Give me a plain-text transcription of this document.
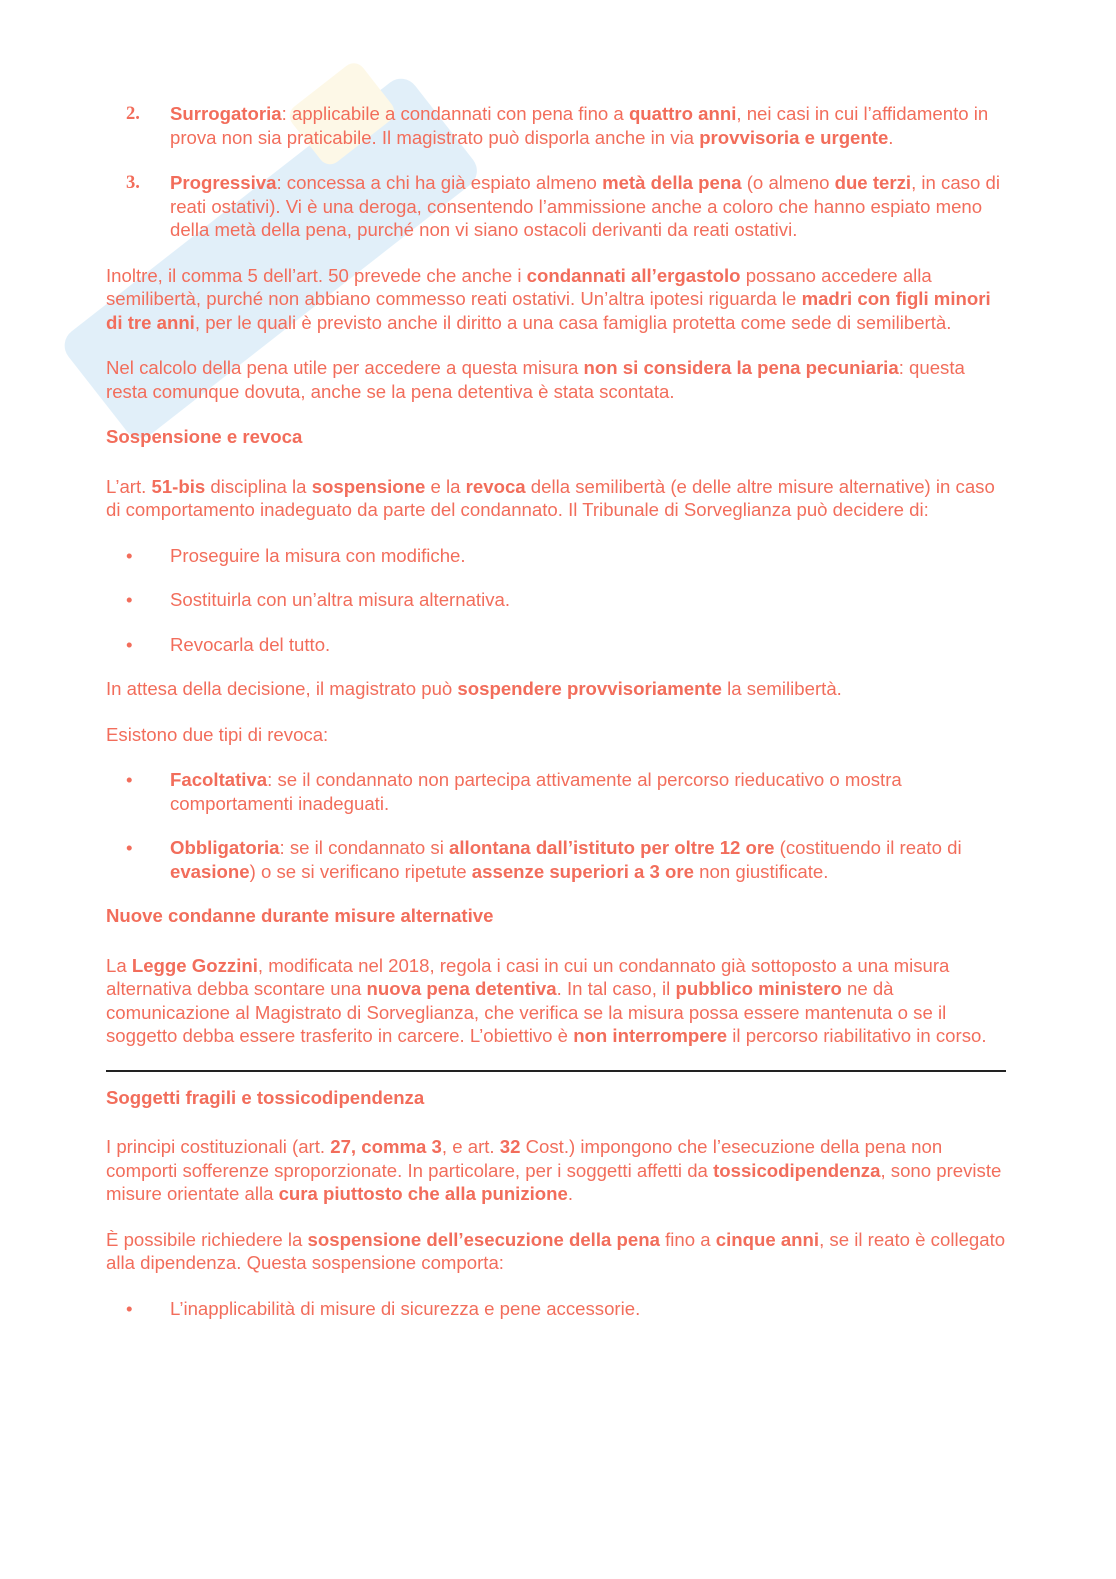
2. Surrogatoria: applicabile a condannati con pena fino a quattro anni, nei casi in cui l’affidamento in prova non sia praticabile. Il magistrato può disporla anche in via provvisoria e urgente.
3. Progressiva: concessa a chi ha già espiato almeno metà della pena (o almeno due terzi, in caso di reati ostativi). Vi è una deroga, consentendo l’ammissione anche a coloro che hanno espiato meno della metà della pena, purché non vi siano ostacoli derivanti da reati ostativi.

Inoltre, il comma 5 dell’art. 50 prevede che anche i condannati all’ergastolo possano accedere alla semilibertà, purché non abbiano commesso reati ostativi. Un’altra ipotesi riguarda le madri con figli minori di tre anni, per le quali è previsto anche il diritto a una casa famiglia protetta come sede di semilibertà.

Nel calcolo della pena utile per accedere a questa misura non si considera la pena pecuniaria: questa resta comunque dovuta, anche se la pena detentiva è stata scontata.

Sospensione e revoca

L’art. 51-bis disciplina la sospensione e la revoca della semilibertà (e delle altre misure alternative) in caso di comportamento inadeguato da parte del condannato. Il Tribunale di Sorveglianza può decidere di:

• Proseguire la misura con modifiche.
• Sostituirla con un’altra misura alternativa.
• Revocarla del tutto.

In attesa della decisione, il magistrato può sospendere provvisoriamente la semilibertà.

Esistono due tipi di revoca:

• Facoltativa: se il condannato non partecipa attivamente al percorso rieducativo o mostra comportamenti inadeguati.
• Obbligatoria: se il condannato si allontana dall’istituto per oltre 12 ore (costituendo il reato di evasione) o se si verificano ripetute assenze superiori a 3 ore non giustificate.
Nuove condanne durante misure alternative

La Legge Gozzini, modificata nel 2018, regola i casi in cui un condannato già sottoposto a una misura alternativa debba scontare una nuova pena detentiva. In tal caso, il pubblico ministero ne dà comunicazione al Magistrato di Sorveglianza, che verifica se la misura possa essere mantenuta o se il soggetto debba essere trasferito in carcere. L’obiettivo è non interrompere il percorso riabilitativo in corso.

Soggetti fragili e tossicodipendenza

I principi costituzionali (art. 27, comma 3, e art. 32 Cost.) impongono che l’esecuzione della pena non comporti sofferenze sproporzionate. In particolare, per i soggetti affetti da tossicodipendenza, sono previste misure orientate alla cura piuttosto che alla punizione.

È possibile richiedere la sospensione dell’esecuzione della pena fino a cinque anni, se il reato è collegato alla dipendenza. Questa sospensione comporta:

• L’inapplicabilità di misure di sicurezza e pene accessorie.
